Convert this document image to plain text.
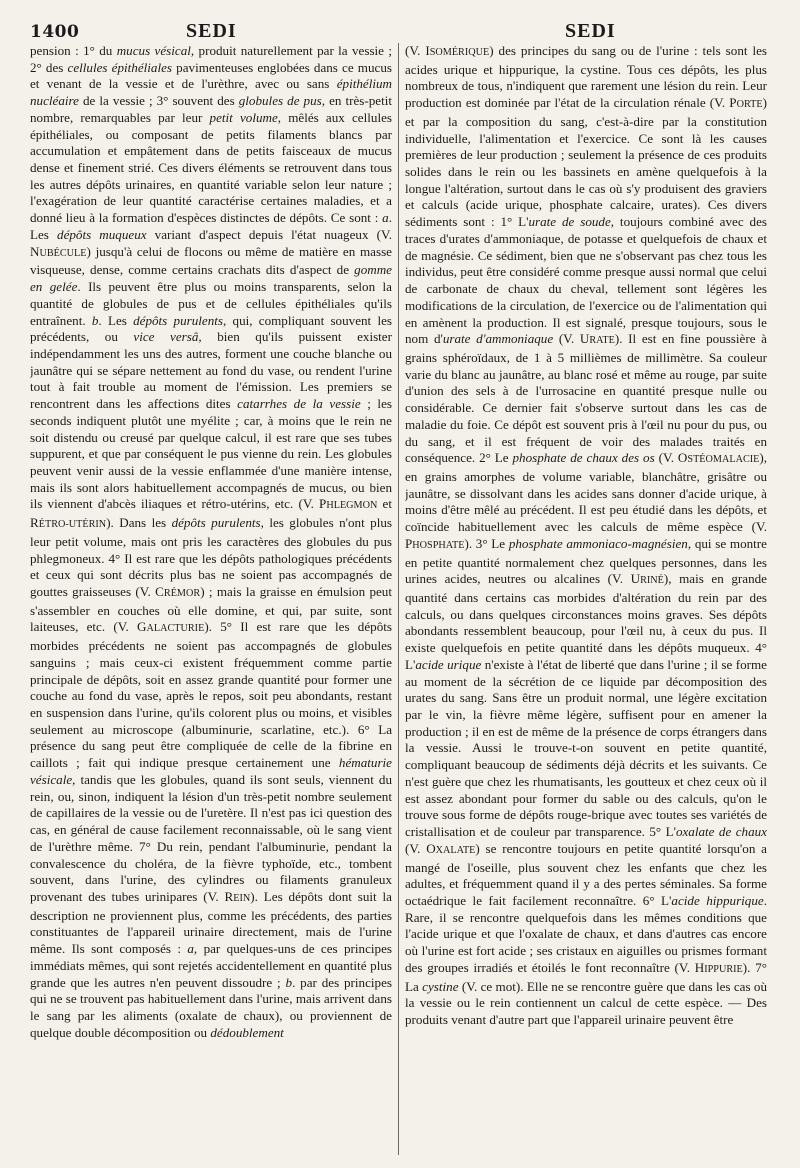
1400	SEDI	SEDI

pension : 1° du mucus vésical, produit naturellement par la vessie ; 2° des cellules épithéliales pavimenteuses englobées dans ce mucus et venant de la vessie et de l'urèthre, avec ou sans épithélium nucléaire de la vessie ; 3° souvent des globules de pus, en très-petit nombre, remarquables par leur petit volume, mêlés aux cellules épithéliales, ou composant de petits filaments blancs par accumulation et empâtement dans de petits faisceaux de mucus dense et finement strié. Ces divers éléments se retrouvent dans tous les autres dépôts urinaires, en quantité variable selon leur nature ; l'exagération de leur quantité caractérise certaines maladies, et a donné lieu à la formation d'espèces distinctes de dépôts. Ce sont : a. Les dépôts muqueux variant d'aspect depuis l'état nuageux (V. NUBÉCULE) jusqu'à celui de flocons ou même de matière en masse visqueuse, dense, comme certains crachats dits d'aspect de gomme en gelée. Ils peuvent être plus ou moins transparents, selon la quantité de globules de pus et de cellules épithéliales qu'ils entraînent. b. Les dépôts purulents, qui, compliquant souvent les précédents, ou vice versâ, bien qu'ils puissent exister indépendamment les uns des autres, forment une couche blanche ou jaunâtre qui se sépare nettement au fond du vase, ou rendent l'urine tout à fait trouble au moment de l'émission. Les premiers se rencontrent dans les affections dites catarrhes de la vessie ; les seconds indiquent plutôt une myélite ; car, à moins que le rein ne soit distendu ou creusé par quelque calcul, il est rare que ses tubes suppurent, et que par conséquent le pus vienne du rein. Les globules peuvent venir aussi de la vessie enflammée d'une manière intense, mais ils sont alors habituellement accompagnés de mucus, ou bien ils viennent d'abcès iliaques et rétro-utérins, etc. (V. PHLEGMON et RÉTRO-UTÉRIN). Dans les dépôts purulents, les globules n'ont plus leur petit volume, mais ont pris les caractères des globules du pus phlegmoneux. 4° Il est rare que les dépôts pathologiques précédents et ceux qui sont décrits plus bas ne soient pas accompagnés de gouttes graisseuses (V. CRÉMOR) ; mais la graisse en émulsion peut s'assembler en couches où elle domine, et qui, par suite, sont laiteuses, etc. (V. GALACTURIE). 5° Il est rare que les dépôts morbides précédents ne soient pas accompagnés de globules sanguins ; mais ceux-ci existent fréquemment comme partie principale de dépôts, soit en assez grande quantité pour former une couche au fond du vase, après le repos, soit peu abondants, restant en suspension dans l'urine, qu'ils colorent plus ou moins, et visibles seulement au microscope (albuminurie, scarlatine, etc.). 6° La présence du sang peut être compliquée de celle de la fibrine en caillots ; fait qui indique presque certainement une hématurie vésicale, tandis que les globules, quand ils sont seuls, viennent du rein, ou, sinon, indiquent la lésion d'un très-petit nombre seulement de capillaires de la vessie ou de l'uretère. Il n'est pas ici question des cas, en général de cause facilement reconnaissable, où le sang vient de l'urèthre même. 7° Du rein, pendant l'albuminurie, pendant la convalescence du choléra, de la fièvre typhoïde, etc., tombent souvent, dans l'urine, des cylindres ou filaments granuleux provenant des tubes urinipares (V. REIN). Les dépôts dont suit la description ne proviennent plus, comme les précédents, des parties constituantes de l'appareil urinaire directement, mais de l'urine même. Ils sont composés : a, par quelques-uns de ces principes immédiats mêmes, qui sont rejetés accidentellement en quantité plus grande que les autres n'en peuvent dissoudre ; b. par des principes qui ne se trouvent pas habituellement dans l'urine, mais arrivent dans le sang par les aliments (oxalate de chaux), ou proviennent de quelque double décomposition ou dédoublement

(V. ISOMÉRIQUE) des principes du sang ou de l'urine : tels sont les acides urique et hippurique, la cystine. Tous ces dépôts, les plus nombreux de tous, n'indiquent que rarement une lésion du rein. Leur production est dominée par l'état de la circulation rénale (V. PORTE) et par la composition du sang, c'est-à-dire par la constitution individuelle, l'alimentation et l'exercice. Ce sont là les causes premières de leur production ; seulement la présence de ces produits solides dans le rein ou les bassinets en amène quelquefois à la longue l'altération, surtout dans le cas où s'y produisent des graviers et calculs (acide urique, phosphate calcaire, urates). Ces divers sédiments sont : 1° L'urate de soude, toujours combiné avec des traces d'urates d'ammoniaque, de potasse et quelquefois de chaux et de magnésie. Ce sédiment, bien que ne s'observant pas chez tous les individus, peut être considéré comme presque aussi normal que celui de carbonate de chaux du cheval, tellement sont légères les modifications de la circulation, de l'exercice ou de l'alimentation qui en amènent la production. Il est signalé, presque toujours, sous le nom d'urate d'ammoniaque (V. URATE). Il est en fine poussière à grains sphéroïdaux, de 1 à 5 millièmes de millimètre. Sa couleur varie du blanc au jaunâtre, au blanc rosé et même au rouge, par suite d'union des sels à de l'urrosacine en quantité presque nulle ou considérable. Ce dernier fait s'observe surtout dans les cas de maladie du foie. Ce dépôt est souvent pris à l'œil nu pour du pus, ou du sang, et il est fréquent de voir des malades traités en conséquence. 2° Le phosphate de chaux des os (V. OSTÉOMALACIE), en grains amorphes de volume variable, blanchâtre, grisâtre ou jaunâtre, se dissolvant dans les acides sans donner d'acide urique, à moins d'être mêlé au précédent. Il est peu étudié dans les dépôts, et coïncide habituellement avec les calculs de même espèce (V. PHOSPHATE). 3° Le phosphate ammoniaco-magnésien, qui se montre en petite quantité normalement chez quelques personnes, dans les urines acides, neutres ou alcalines (V. URINÉ), mais en grande quantité dans certains cas morbides d'altération du rein par des calculs, ou dans quelques circonstances moins graves. Ses dépôts abondants ressemblent beaucoup, pour l'œil nu, à ceux du pus. Il existe quelquefois en petite quantité dans les dépôts muqueux. 4° L'acide urique n'existe à l'état de liberté que dans l'urine ; il se forme au moment de la sécrétion de ce liquide par décomposition des urates du sang. Sans être un produit normal, une légère excitation par le vin, la fièvre même légère, suffisent pour en amener la production ; il en est de même de la présence de corps étrangers dans la vessie. Aussi le trouve-t-on souvent en petite quantité, compliquant beaucoup de sédiments déjà décrits et les suivants. Ce n'est guère que chez les rhumatisants, les goutteux et chez ceux où il est assez abondant pour former du sable ou des calculs, qu'on le trouve sous forme de dépôts rouge-brique avec toutes ses variétés de cristallisation et de couleur par transparence. 5° L'oxalate de chaux (V. OXALATE) se rencontre toujours en petite quantité lorsqu'on a mangé de l'oseille, plus souvent chez les enfants que chez les adultes, et fréquemment quand il y a des pertes séminales. Sa forme octaédrique le fait facilement reconnaître. 6° L'acide hippurique. Rare, il se rencontre quelquefois dans les mêmes conditions que l'acide urique et que l'oxalate de chaux, et dans d'autres cas encore où l'urine est fort acide ; ses cristaux en aiguilles ou prismes formant des groupes irradiés et étoilés le font reconnaître (V. HIPPURIE). 7° La cystine (V. ce mot). Elle ne se rencontre guère que dans les cas où la vessie ou le rein contiennent un calcul de cette espèce. — Des produits venant d'autre part que l'appareil urinaire peuvent être
